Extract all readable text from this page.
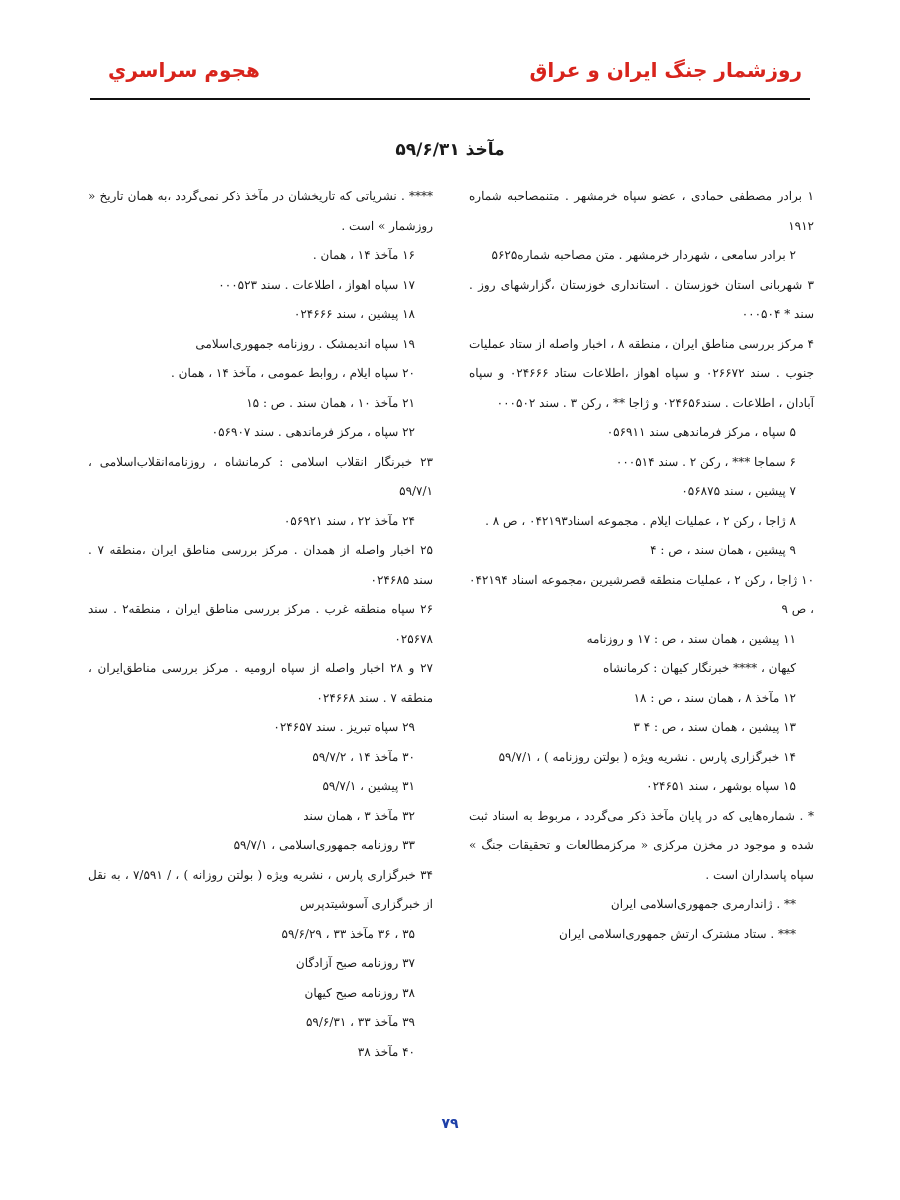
روزشمار جنگ ایران و عراق
هجوم سراسري
مآخذ ۵۹/۶/۳۱

۱ برادر مصطفی حمادی ، عضو سپاه خرمشهر . متنمصاحبه شماره ۱۹۱۲

۲ برادر سامعی ، شهردار خرمشهر . متن مصاحبه شماره۵۶۲۵

۳ شهربانی استان خوزستان . استانداری خوزستان ،گزارشهای روز . سند * ۰۰۰۵۰۴

۴ مرکز بررسی مناطق ایران ، منطقه ۸ ، اخبار واصله از ستاد عملیات جنوب . سند ۰۲۶۶۷۲ و سپاه اهواز ،اطلاعات ستاد ۰۲۴۶۶۶ و سپاه آبادان ، اطلاعات . سند۰۲۴۶۵۶ و ژاجا ** ، رکن ۳ . سند ۰۰۰۵۰۲

۵ سپاه ، مرکز فرماندهی سند ۰۵۶۹۱۱

۶ سماجا *** ، رکن ۲ . سند ۰۰۰۵۱۴

۷ پیشین ، سند ۰۵۶۸۷۵

۸ ژاجا ، رکن ۲ ، عملیات ایلام . مجموعه اسناد۰۴۲۱۹۳ ، ص ۸ .

۹ پیشین ، همان سند ، ص : ۴

۱۰ ژاجا ، رکن ۲ ، عملیات منطقه قصرشیرین ،مجموعه اسناد ۰۴۲۱۹۴ ، ص ۹

۱۱ پیشین ، همان سند ، ص : ۱۷ و روزنامه

کیهان ، **** خبرنگار کیهان : کرمانشاه

۱۲ مآخذ ۸ ، همان سند ، ص : ۱۸

۱۳ پیشین ، همان سند ، ص : ۴ ۳

۱۴ خبرگزاری پارس . نشریه ویژه ( بولتن روزنامه ) ، ۵۹/۷/۱

۱۵ سپاه بوشهر ، سند ۰۲۴۶۵۱

* . شماره‌هایی که در پایان مآخذ ذکر می‌گردد ، مربوط به اسناد ثبت شده و موجود در مخزن مرکزی « مرکزمطالعات و تحقیقات جنگ » سپاه پاسداران است .

** . ژاندارمری جمهوری‌اسلامی ایران

*** . ستاد مشترک ارتش جمهوری‌اسلامی ایران

**** . نشریاتی که تاریخشان در مآخذ ذکر نمی‌گردد ،به همان تاریخ « روزشمار » است .

۱۶ مآخذ ۱۴ ، همان .

۱۷ سپاه اهواز ، اطلاعات . سند ۰۰۰۵۲۳

۱۸ پیشین ، سند ۰۲۴۶۶۶

۱۹ سپاه اندیمشک . روزنامه جمهوری‌اسلامی

۲۰ سپاه ایلام ، روابط عمومی ، مآخذ ۱۴ ، همان .

۲۱ مآخذ ۱۰ ، همان سند . ص : ۱۵

۲۲ سپاه ، مرکز فرماندهی . سند ۰۵۶۹۰۷

۲۳ خبرنگار انقلاب اسلامی : کرمانشاه ، روزنامه‌انقلاب‌اسلامی ، ۵۹/۷/۱

۲۴ مآخذ ۲۲ ، سند ۰۵۶۹۲۱

۲۵ اخبار واصله از همدان . مرکز بررسی مناطق ایران ،منطقه ۷ . سند ۰۲۴۶۸۵

۲۶ سپاه منطقه غرب . مرکز بررسی مناطق ایران ، منطقه۲ . سند ۰۲۵۶۷۸

۲۷ و ۲۸ اخبار واصله از سپاه ارومیه . مرکز بررسی مناطق‌ایران ، منطقه ۷ . سند ۰۲۴۶۶۸

۲۹ سپاه تبریز . سند ۰۲۴۶۵۷

۳۰ مآخذ ۱۴ ، ۵۹/۷/۲

۳۱ پیشین ، ۵۹/۷/۱

۳۲ مآخذ ۳ ، همان سند

۳۳ روزنامه جمهوری‌اسلامی ، ۵۹/۷/۱

۳۴ خبرگزاری پارس ، نشریه ویژه ( بولتن روزانه ) ، / ۷/۵۹۱ ، به نقل از خبرگزاری آسوشیتدپرس

۳۵ ، ۳۶ مآخذ ۳۳ ، ۵۹/۶/۲۹

۳۷ روزنامه صبح آزادگان

۳۸ روزنامه صبح کیهان

۳۹ مآخذ ۳۳ ، ۵۹/۶/۳۱

۴۰ مآخذ ۳۸

۷۹
